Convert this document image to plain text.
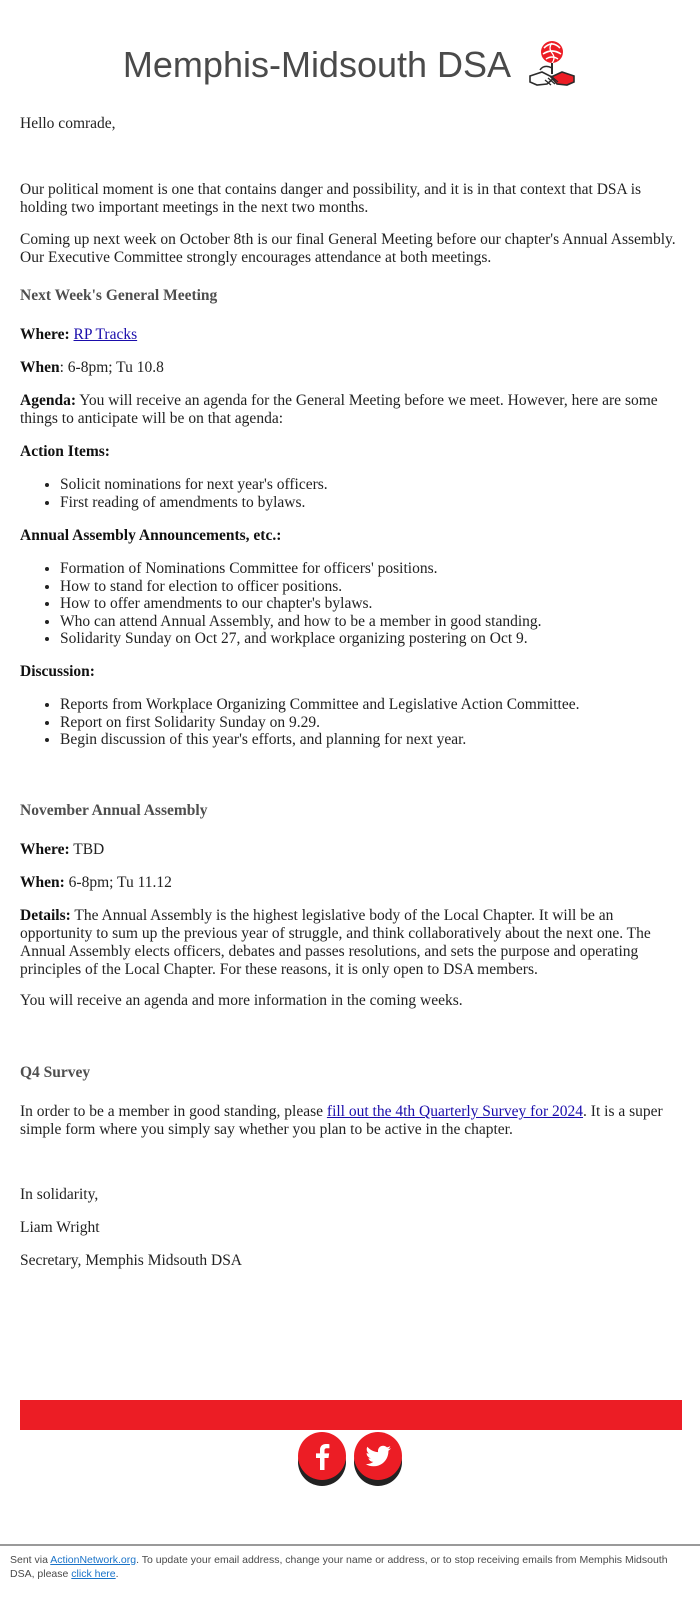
Memphis-Midsouth DSA

Hello comrade,

Our political moment is one that contains danger and possibility, and it is in that context that DSA is holding two important meetings in the next two months.

Coming up next week on October 8th is our final General Meeting before our chapter's Annual Assembly. Our Executive Committee strongly encourages attendance at both meetings.

Next Week's General Meeting

Where: RP Tracks

When: 6-8pm; Tu 10.8

Agenda: You will receive an agenda for the General Meeting before we meet. However, here are some things to anticipate will be on that agenda:

Action Items:

• Solicit nominations for next year's officers.
• First reading of amendments to bylaws.

Annual Assembly Announcements, etc.:

• Formation of Nominations Committee for officers' positions.
• How to stand for election to officer positions.
• How to offer amendments to our chapter's bylaws.
• Who can attend Annual Assembly, and how to be a member in good standing.
• Solidarity Sunday on Oct 27, and workplace organizing postering on Oct 9.

Discussion:

• Reports from Workplace Organizing Committee and Legislative Action Committee.
• Report on first Solidarity Sunday on 9.29.
• Begin discussion of this year's efforts, and planning for next year.

November Annual Assembly

Where: TBD

When: 6-8pm; Tu 11.12

Details: The Annual Assembly is the highest legislative body of the Local Chapter. It will be an opportunity to sum up the previous year of struggle, and think collaboratively about the next one. The Annual Assembly elects officers, debates and passes resolutions, and sets the purpose and operating principles of the Local Chapter. For these reasons, it is only open to DSA members.

You will receive an agenda and more information in the coming weeks.

Q4 Survey

In order to be a member in good standing, please fill out the 4th Quarterly Survey for 2024. It is a super simple form where you simply say whether you plan to be active in the chapter.

In solidarity,

Liam Wright

Secretary, Memphis Midsouth DSA

Sent via ActionNetwork.org. To update your email address, change your name or address, or to stop receiving emails from Memphis Midsouth DSA, please click here.
